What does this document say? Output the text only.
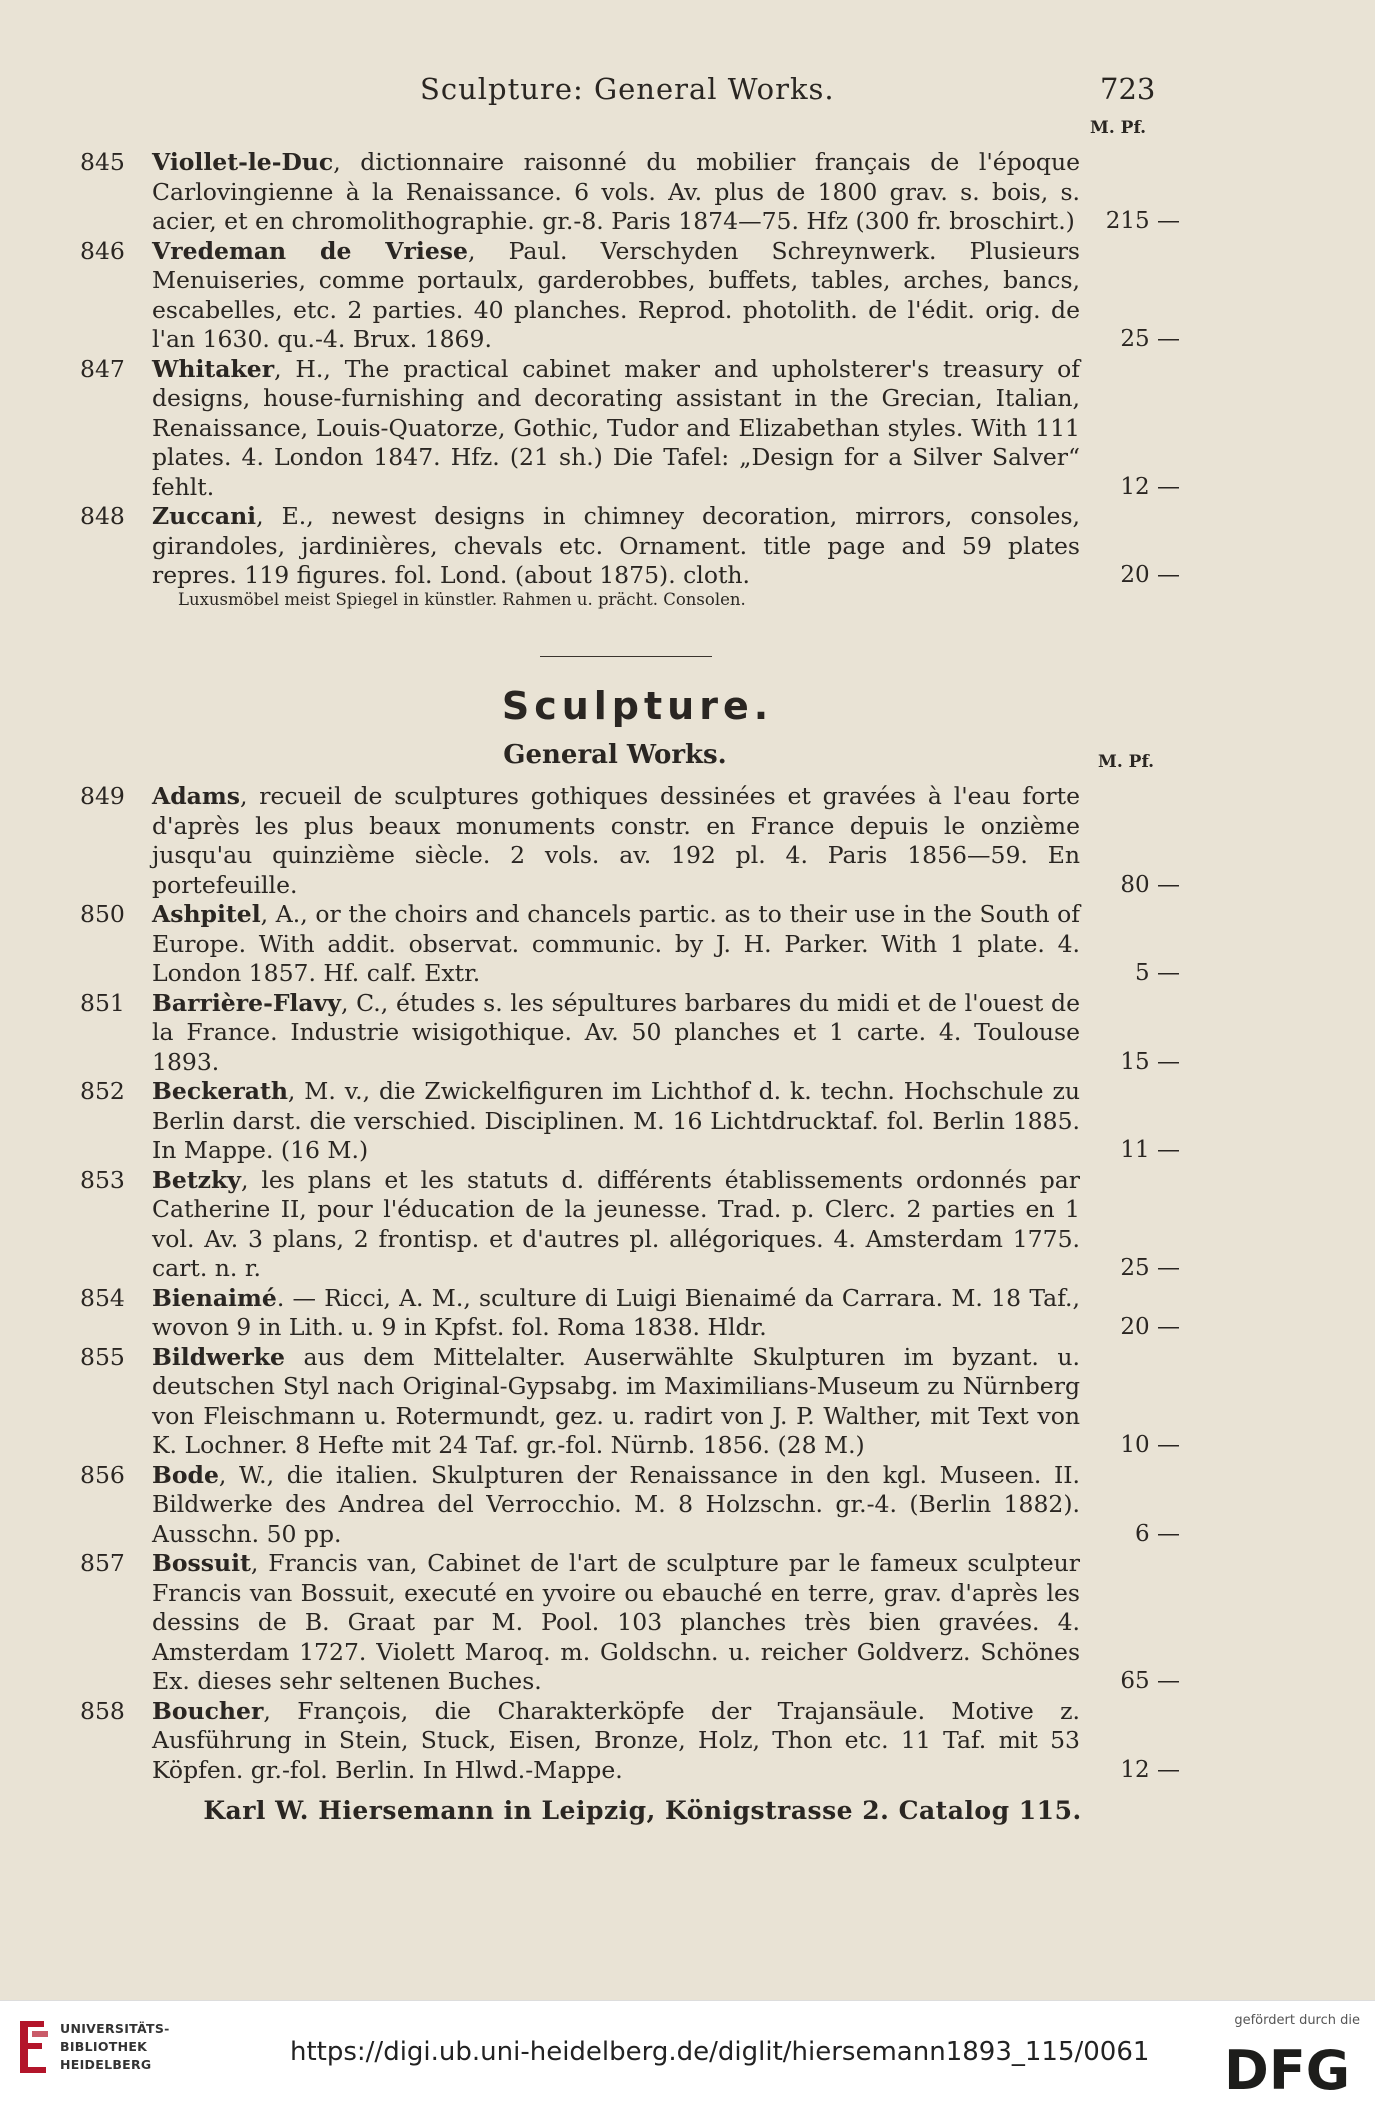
Sculpture: General Works.	723
M. Pf.
845	Viollet-le-Duc, dictionnaire raisonné du mobilier français de l'époque Carlovingienne à la Renaissance. 6 vols. Av. plus de 1800 grav. s. bois, s. acier, et en chromolithographie. gr.-8. Paris 1874—75. Hfz (300 fr. broschirt.)	215 —
846	Vredeman de Vriese, Paul. Verschyden Schreynwerk. Plusieurs Menuiseries, comme portaulx, garderobbes, buffets, tables, arches, bancs, escabelles, etc. 2 parties. 40 planches. Reprod. photolith. de l'édit. orig. de l'an 1630. qu.-4. Brux. 1869.	25 —
847	Whitaker, H., The practical cabinet maker and upholsterer's treasury of designs, house-furnishing and decorating assistant in the Grecian, Italian, Renaissance, Louis-Quatorze, Gothic, Tudor and Elizabethan styles. With 111 plates. 4. London 1847. Hfz. (21 sh.) Die Tafel: „Design for a Silver Salver“ fehlt.	12 —
848	Zuccani, E., newest designs in chimney decoration, mirrors, consoles, girandoles, jardinières, chevals etc. Ornament. title page and 59 plates repres. 119 figures. fol. Lond. (about 1875). cloth.	20 —
Luxusmöbel meist Spiegel in künstler. Rahmen u. prächt. Consolen.
Sculpture.
General Works.	M. Pf.
849	Adams, recueil de sculptures gothiques dessinées et gravées à l'eau forte d'après les plus beaux monuments constr. en France depuis le onzième jusqu'au quinzième siècle. 2 vols. av. 192 pl. 4. Paris 1856—59. En portefeuille.	80 —
850	Ashpitel, A., or the choirs and chancels partic. as to their use in the South of Europe. With addit. observat. communic. by J. H. Parker. With 1 plate. 4. London 1857. Hf. calf. Extr.	5 —
851	Barrière-Flavy, C., études s. les sépultures barbares du midi et de l'ouest de la France. Industrie wisigothique. Av. 50 planches et 1 carte. 4. Toulouse 1893.	15 —
852	Beckerath, M. v., die Zwickelfiguren im Lichthof d. k. techn. Hochschule zu Berlin darst. die verschied. Disciplinen. M. 16 Lichtdrucktaf. fol. Berlin 1885. In Mappe. (16 M.)	11 —
853	Betzky, les plans et les statuts d. différents établissements ordonnés par Catherine II, pour l'éducation de la jeunesse. Trad. p. Clerc. 2 parties en 1 vol. Av. 3 plans, 2 frontisp. et d'autres pl. allégoriques. 4. Amsterdam 1775. cart. n. r.	25 —
854	Bienaimé. — Ricci, A. M., sculture di Luigi Bienaimé da Carrara. M. 18 Taf., wovon 9 in Lith. u. 9 in Kpfst. fol. Roma 1838. Hldr.	20 —
855	Bildwerke aus dem Mittelalter. Auserwählte Skulpturen im byzant. u. deutschen Styl nach Original-Gypsabg. im Maximilians-Museum zu Nürnberg von Fleischmann u. Rotermundt, gez. u. radirt von J. P. Walther, mit Text von K. Lochner. 8 Hefte mit 24 Taf. gr.-fol. Nürnb. 1856. (28 M.)	10 —
856	Bode, W., die italien. Skulpturen der Renaissance in den kgl. Museen. II. Bildwerke des Andrea del Verrocchio. M. 8 Holzschn. gr.-4. (Berlin 1882). Ausschn. 50 pp.	6 —
857	Bossuit, Francis van, Cabinet de l'art de sculpture par le fameux sculpteur Francis van Bossuit, executé en yvoire ou ebauché en terre, grav. d'après les dessins de B. Graat par M. Pool. 103 planches très bien gravées. 4. Amsterdam 1727. Violett Maroq. m. Goldschn. u. reicher Goldverz. Schönes Ex. dieses sehr seltenen Buches.	65 —
858	Boucher, François, die Charakterköpfe der Trajansäule. Motive z. Ausführung in Stein, Stuck, Eisen, Bronze, Holz, Thon etc. 11 Taf. mit 53 Köpfen. gr.-fol. Berlin. In Hlwd.-Mappe.	12 —
Karl W. Hiersemann in Leipzig, Königstrasse 2. Catalog 115.
UNIVERSITÄTS-
BIBLIOTHEK
HEIDELBERG	https://digi.ub.uni-heidelberg.de/diglit/hiersemann1893_115/0061
gefördert durch die
DFG
